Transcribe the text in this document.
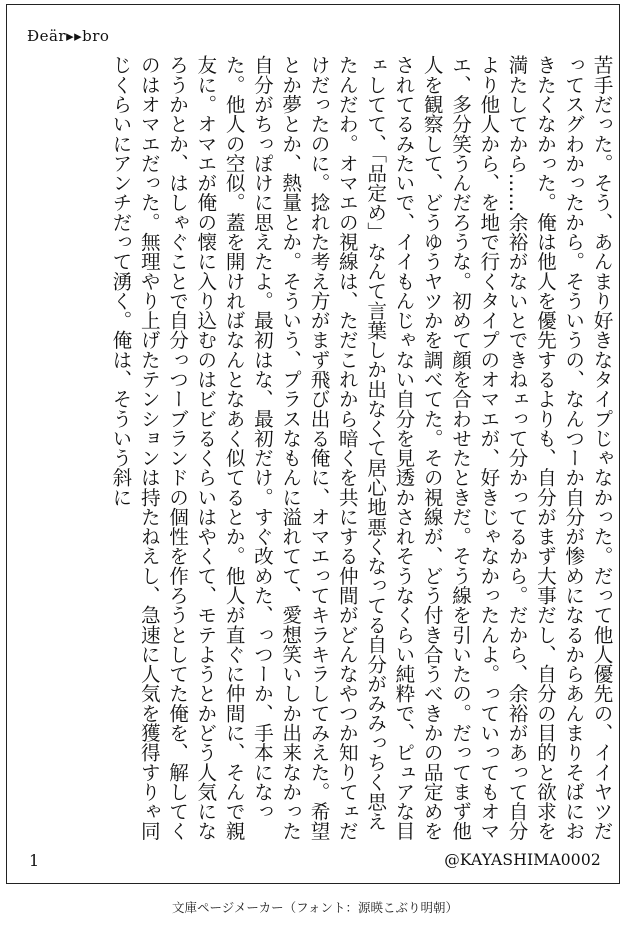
Ðeär▸▸bro
苦手だった。そう、あんまり好きなタイプじゃなかった。だって他人優先の、イイヤツだってスグわかったから。そういうの、なんつーか自分が惨めになるからあんまりそばにおきたくなかった。俺は他人を優先するよりも、自分がまず大事だし、自分の目的と欲求を満たしてから……余裕がないとできねェって分かってるから。だから、余裕があって自分より他人から、を地で行くタイプのオマエが、好きじゃなかったんよ。っていってもオマエ、多分笑うんだろうな。初めて顔を合わせたときだ。そう線を引いたの。だってまず他人を観察して、どうゆうヤツかを調べてた。その視線が、どう付き合うべきかの品定めをされてるみたいで、イイもんじゃない自分を見透かされそうなくらい純粋で、ピュアな目ェしてて、「品定め」なんて言葉しか出なくて居心地悪くなってる自分がみみっちく思えたんだわ。オマエの視線は、ただこれから暗くを共にする仲間がどんなやつか知りてェだけだったのに。捻れた考え方がまず飛び出る俺に、オマエってキラキラしてみえた。希望とか夢とか、熱量とか。そういう、プラスなもんに溢れてて、愛想笑いしか出来なかった自分がちっぽけに思えたよ。最初はな、最初だけ。すぐ改めた、っつーか、手本になった。他人の空似。蓋を開ければなんとなあく似てるとか。他人が直ぐに仲間に、そんで親友に。オマエが俺の懐に入り込むのはビビるくらいはやくて、モテようとかどう人気になろうかとか、はしゃぐことで自分っつーブランドの個性を作ろうとしてた俺を、解してくのはオマエだった。無理やり上げたテンションは持たねえし、急速に人気を獲得すりゃ同じくらいにアンチだって湧く。俺は、そういう斜に
1	@KAYASHIMA0002
文庫ページメーカー（フォント：源暎こぶり明朝）
